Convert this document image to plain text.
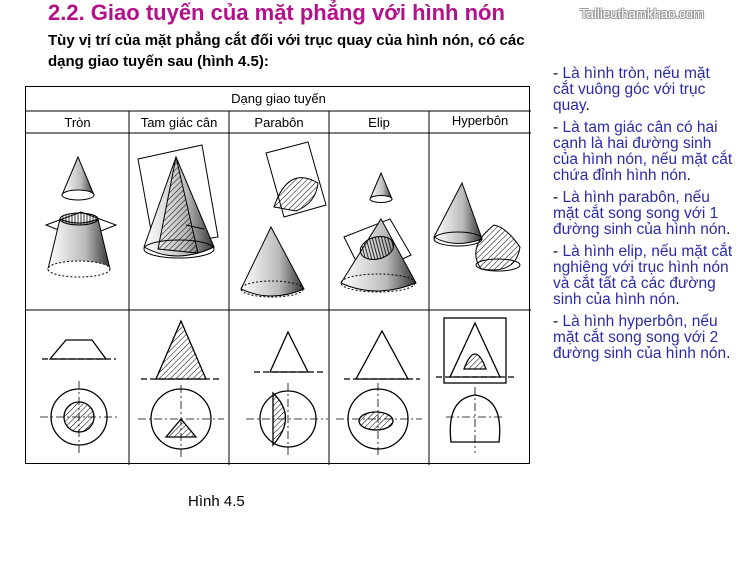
Tailieuthamkhao.com
2.2. Giao tuyến của mặt phẳng với hình nón
Tùy vị trí của mặt phẳng cắt đối với trục quay của hình nón, có các dạng giao tuyến sau (hình 4.5):
Dạng giao tuyến
Tròn	Tam giác cân	Parabôn	Elip	Hyperbôn
Hình 4.5
- Là hình tròn, nếu mặt cắt vuông góc với trục quay.
- Là tam giác cân có hai cạnh là hai đường sinh của hình nón, nếu mặt cắt chứa đỉnh hình nón.
- Là hình parabôn, nếu mặt cắt song song với 1 đường sinh của hình nón.
- Là hình elip, nếu mặt cắt nghiêng với trục hình nón và cắt tất cả các đường sinh của hình nón.
- Là hình hyperbôn, nếu mặt cắt song song với 2 đường sinh của hình nón.
